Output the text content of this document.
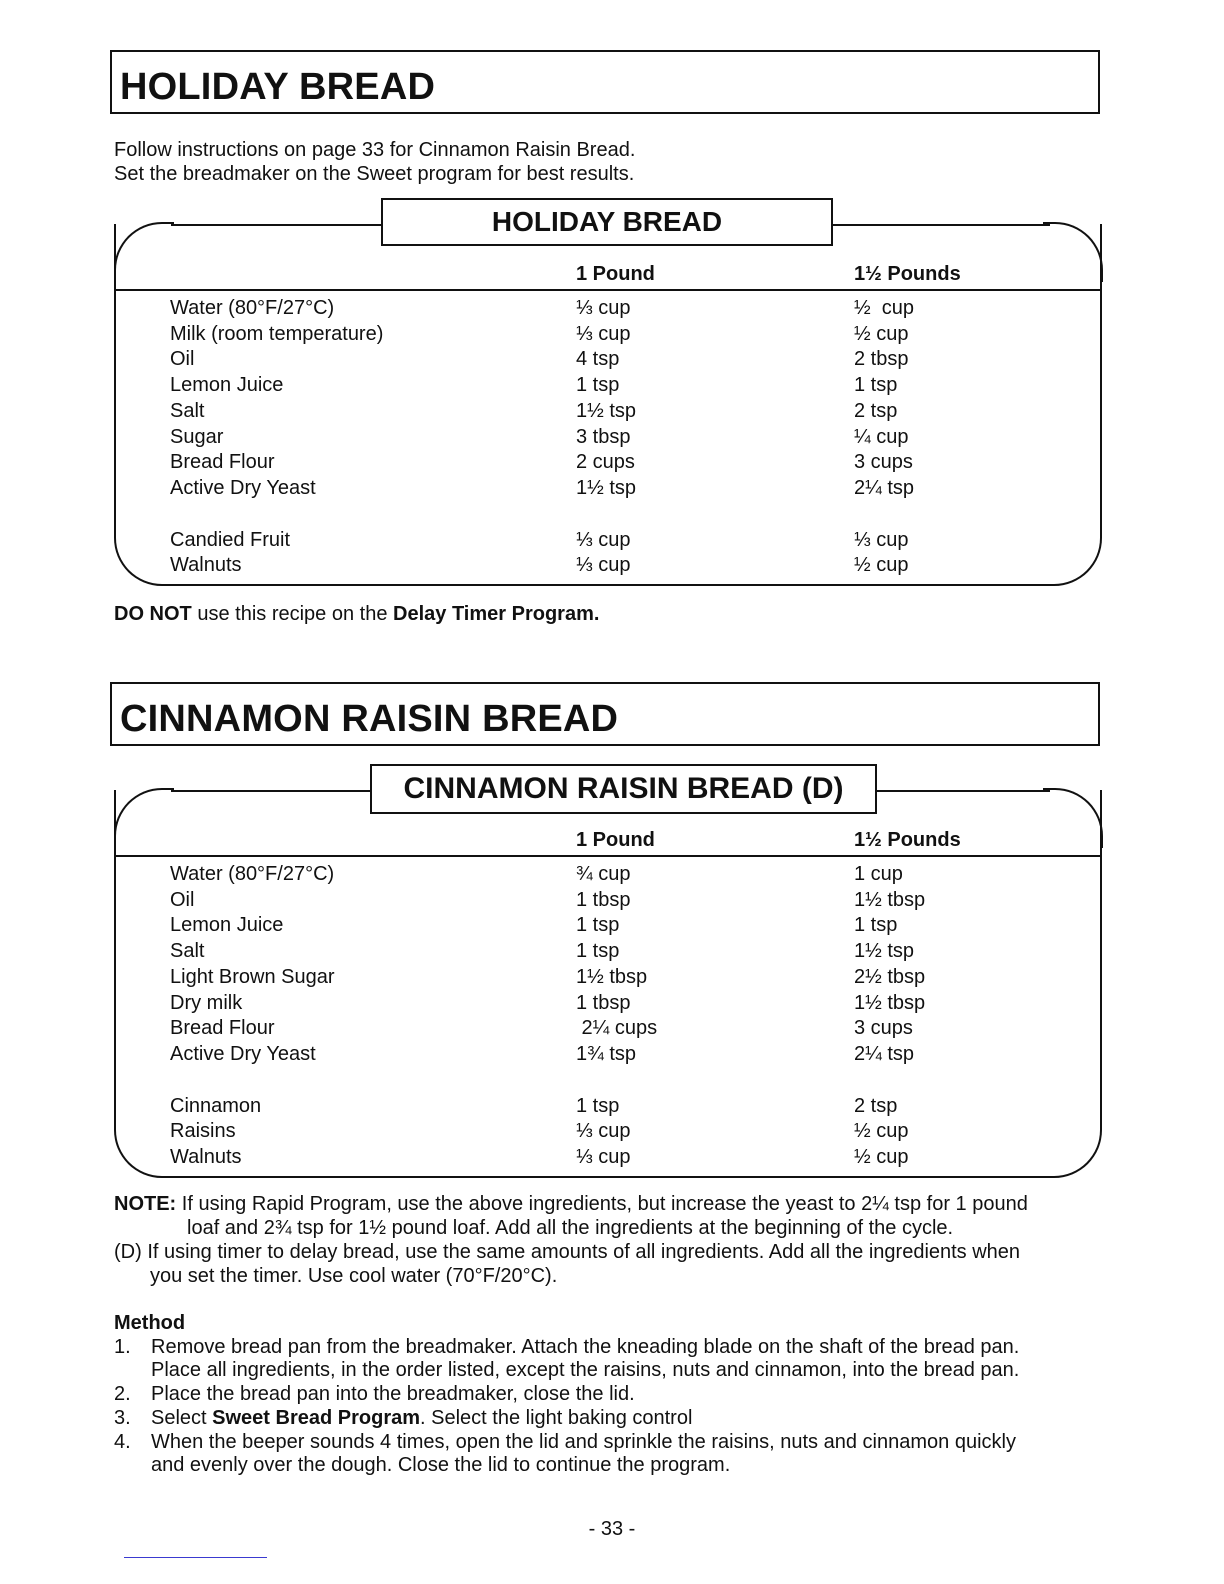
HOLIDAY BREAD
Follow instructions on page 33 for Cinnamon Raisin Bread.
Set the breadmaker on the Sweet program for best results.
HOLIDAY BREAD
1 Pound	1½ Pounds
Water (80°F/27°C)	⅓ cup	½  cup
Milk (room temperature)	⅓ cup	½ cup
Oil	4 tsp	2 tbsp
Lemon Juice	1 tsp	1 tsp
Salt	1½ tsp	2 tsp
Sugar	3 tbsp	¼ cup
Bread Flour	2 cups	3 cups
Active Dry Yeast	1½ tsp	2¼ tsp
Candied Fruit	⅓ cup	⅓ cup
Walnuts	⅓ cup	½ cup
DO NOT use this recipe on the Delay Timer Program.
CINNAMON RAISIN BREAD
CINNAMON RAISIN BREAD (D)
1 Pound	1½ Pounds
Water (80°F/27°C)	¾ cup	1 cup
Oil	1 tbsp	1½ tbsp
Lemon Juice	1 tsp	1 tsp
Salt	1 tsp	1½ tsp
Light Brown Sugar	1½ tbsp	2½ tbsp
Dry milk	1 tbsp	1½ tbsp
Bread Flour	2¼ cups	3 cups
Active Dry Yeast	1¾ tsp	2¼ tsp
Cinnamon	1 tsp	2 tsp
Raisins	⅓ cup	½ cup
Walnuts	⅓ cup	½ cup
NOTE: If using Rapid Program, use the above ingredients, but increase the yeast to 2¼ tsp for 1 pound
loaf and 2¾ tsp for 1½ pound loaf. Add all the ingredients at the beginning of the cycle.
(D) If using timer to delay bread, use the same amounts of all ingredients. Add all the ingredients when
you set the timer. Use cool water (70°F/20°C).
Method
1. Remove bread pan from the breadmaker. Attach the kneading blade on the shaft of the bread pan.
Place all ingredients, in the order listed, except the raisins, nuts and cinnamon, into the bread pan.
2. Place the bread pan into the breadmaker, close the lid.
3. Select Sweet Bread Program. Select the light baking control
4. When the beeper sounds 4 times, open the lid and sprinkle the raisins, nuts and cinnamon quickly
and evenly over the dough. Close the lid to continue the program.
- 33 -
